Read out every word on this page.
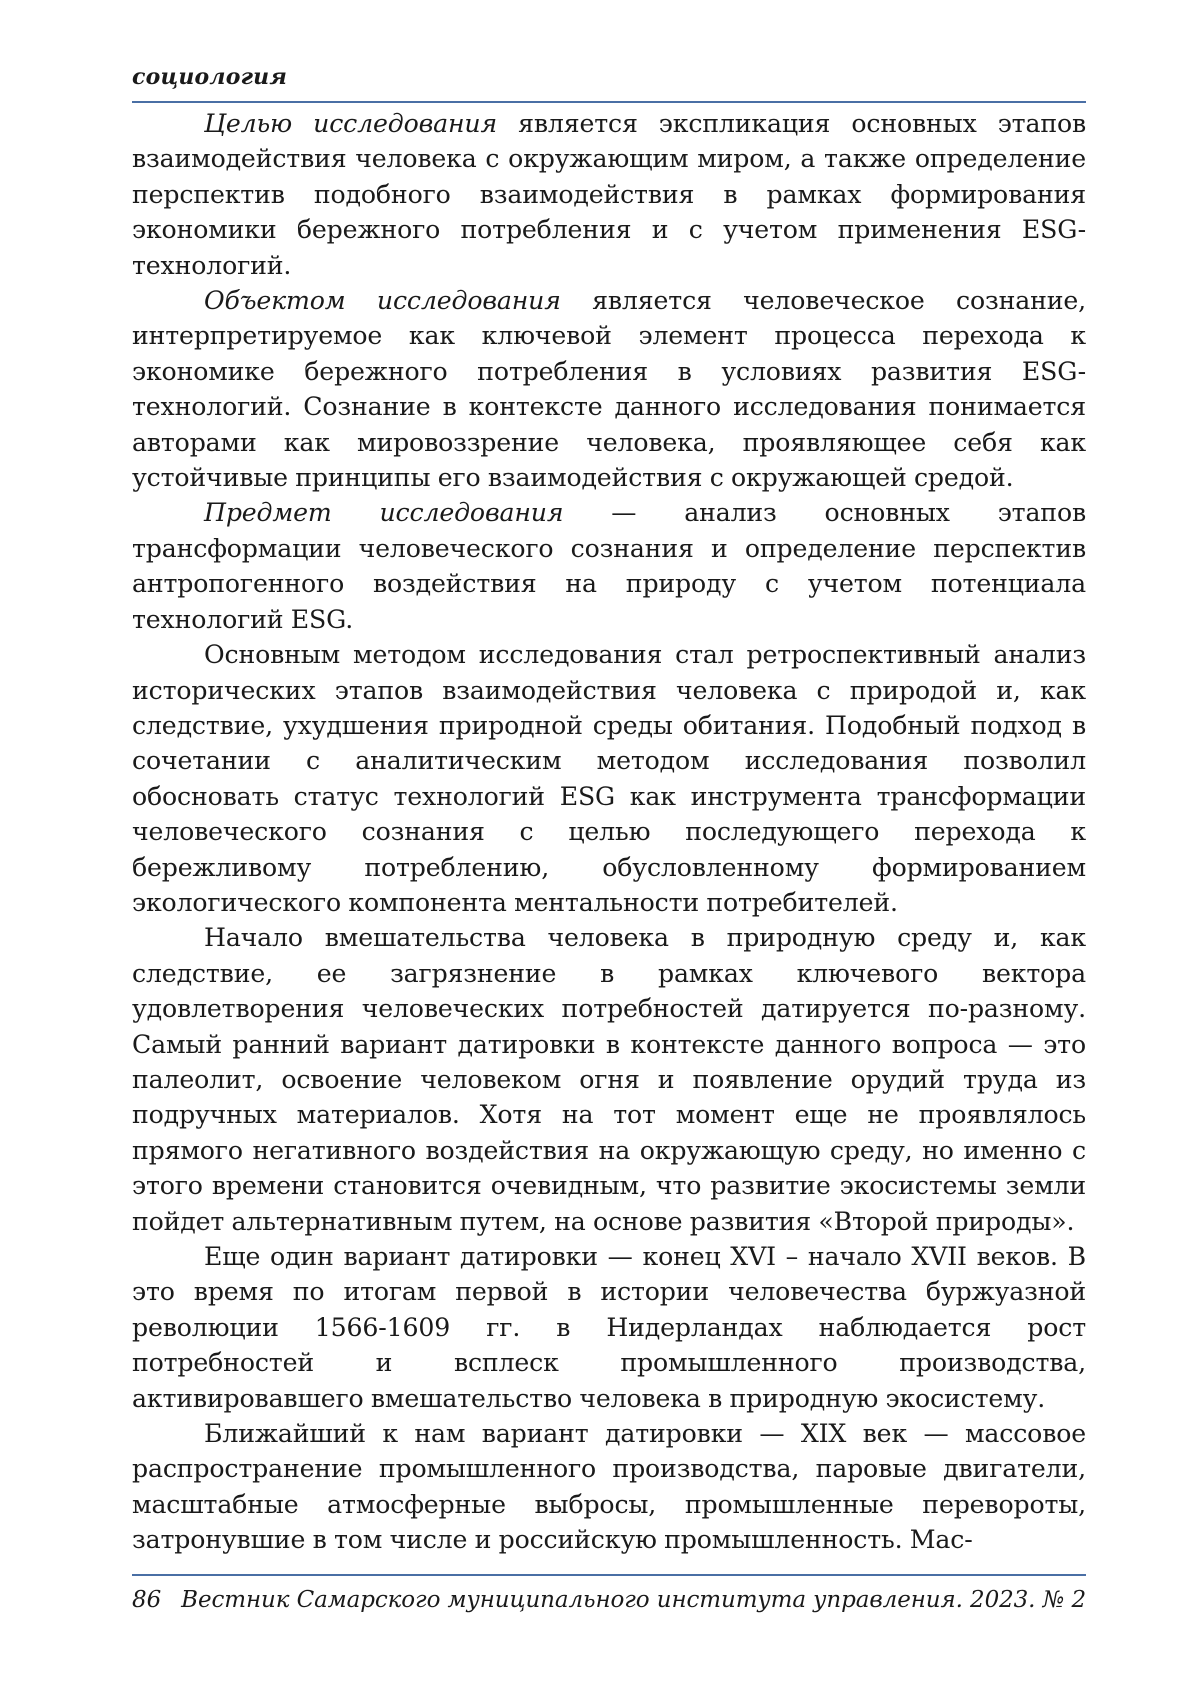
социология

Целью исследования является экспликация основных этапов взаимодействия человека с окружающим миром, а также определение перспектив подобного взаимодействия в рамках формирования экономики бережного потребления и с учетом применения ESG-технологий.

Объектом исследования является человеческое сознание, интерпретируемое как ключевой элемент процесса перехода к экономике бережного потребления в условиях развития ESG-технологий. Сознание в контексте данного исследования понимается авторами как мировоззрение человека, проявляющее себя как устойчивые принципы его взаимодействия с окружающей средой.

Предмет исследования — анализ основных этапов трансформации человеческого сознания и определение перспектив антропогенного воздействия на природу с учетом потенциала технологий ESG.

Основным методом исследования стал ретроспективный анализ исторических этапов взаимодействия человека с природой и, как следствие, ухудшения природной среды обитания. Подобный подход в сочетании с аналитическим методом исследования позволил обосновать статус технологий ESG как инструмента трансформации человеческого сознания с целью последующего перехода к бережливому потреблению, обусловленному формированием экологического компонента ментальности потребителей.

Начало вмешательства человека в природную среду и, как следствие, ее загрязнение в рамках ключевого вектора удовлетворения человеческих потребностей датируется по-разному. Самый ранний вариант датировки в контексте данного вопроса — это палеолит, освоение человеком огня и появление орудий труда из подручных материалов. Хотя на тот момент еще не проявлялось прямого негативного воздействия на окружающую среду, но именно с этого времени становится очевидным, что развитие экосистемы земли пойдет альтернативным путем, на основе развития «Второй природы».

Еще один вариант датировки — конец XVI – начало XVII веков. В это время по итогам первой в истории человечества буржуазной революции 1566-1609 гг. в Нидерландах наблюдается рост потребностей и всплеск промышленного производства, активировавшего вмешательство человека в природную экосистему.

Ближайший к нам вариант датировки — XIX век — массовое распространение промышленного производства, паровые двигатели, масштабные атмосферные выбросы, промышленные перевороты, затронувшие в том числе и российскую промышленность. Мас-

86 Вестник Самарского муниципального института управления. 2023. № 2
